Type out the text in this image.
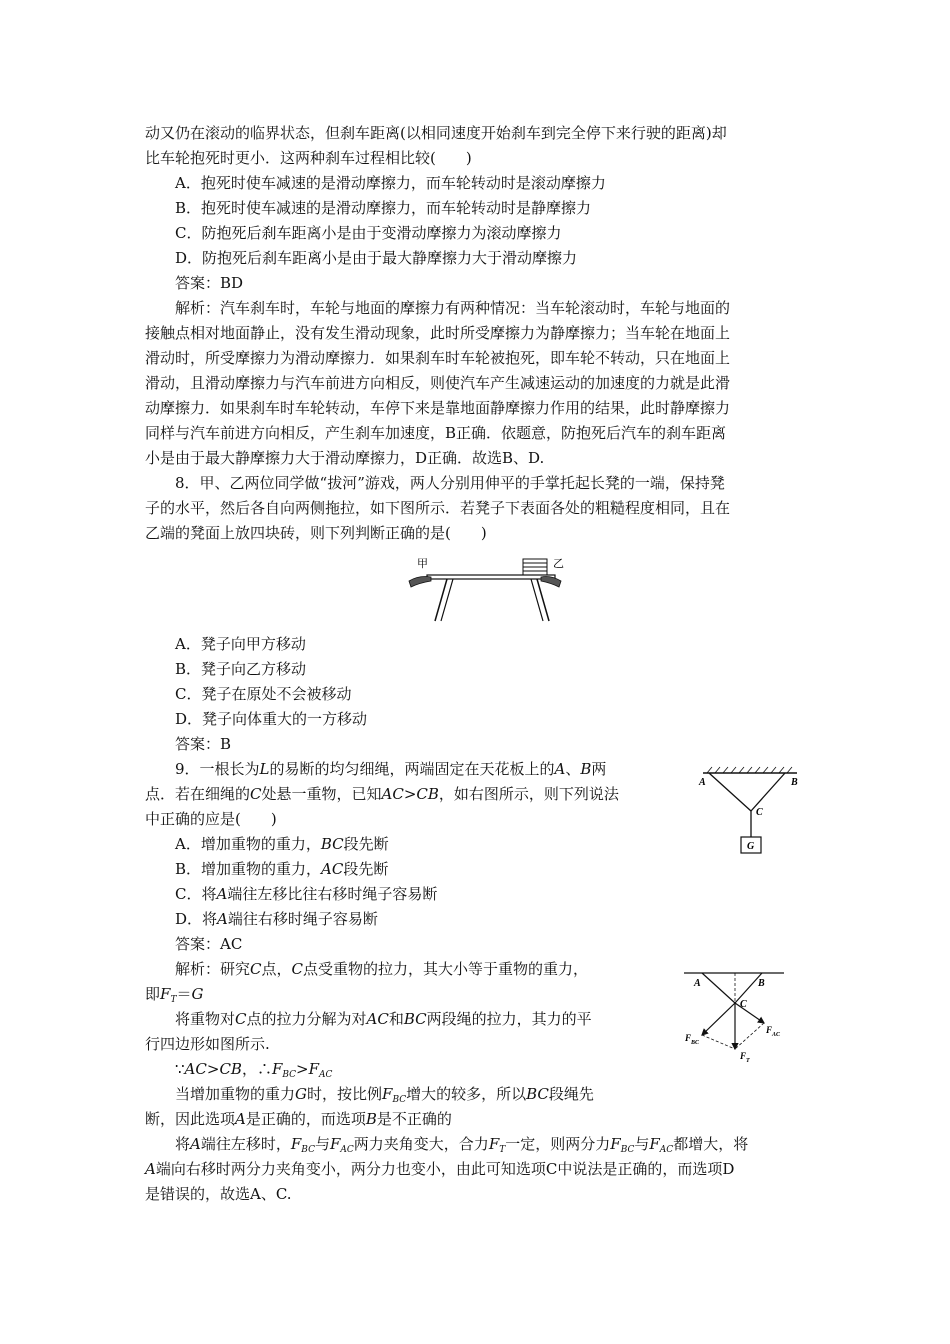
动又仍在滚动的临界状态，但刹车距离(以相同速度开始刹车到完全停下来行驶的距离)却
比车轮抱死时更小．这两种刹车过程相比较(　　)
A．抱死时使车减速的是滑动摩擦力，而车轮转动时是滚动摩擦力
B．抱死时使车减速的是滑动摩擦力，而车轮转动时是静摩擦力
C．防抱死后刹车距离小是由于变滑动摩擦力为滚动摩擦力
D．防抱死后刹车距离小是由于最大静摩擦力大于滑动摩擦力
答案：BD
解析：汽车刹车时，车轮与地面的摩擦力有两种情况：当车轮滚动时，车轮与地面的
接触点相对地面静止，没有发生滑动现象，此时所受摩擦力为静摩擦力；当车轮在地面上
滑动时，所受摩擦力为滑动摩擦力．如果刹车时车轮被抱死，即车轮不转动，只在地面上
滑动，且滑动摩擦力与汽车前进方向相反，则使汽车产生减速运动的加速度的力就是此滑
动摩擦力．如果刹车时车轮转动，车停下来是靠地面静摩擦力作用的结果，此时静摩擦力
同样与汽车前进方向相反，产生刹车加速度，B正确．依题意，防抱死后汽车的刹车距离
小是由于最大静摩擦力大于滑动摩擦力，D正确．故选B、D.
8．甲、乙两位同学做“拔河”游戏，两人分别用伸平的手掌托起长凳的一端，保持凳
子的水平，然后各自向两侧拖拉，如下图所示．若凳子下表面各处的粗糙程度相同，且在
乙端的凳面上放四块砖，则下列判断正确的是(　　)
甲	乙
A．凳子向甲方移动
B．凳子向乙方移动
C．凳子在原处不会被移动
D．凳子向体重大的一方移动
答案：B
9．一根长为L的易断的均匀细绳，两端固定在天花板上的A、B两
点．若在细绳的C处悬一重物，已知AC>CB，如右图所示，则下列说法
中正确的应是(　　)
A	B
C
G
A．增加重物的重力，BC段先断
B．增加重物的重力，AC段先断
C．将A端往左移比往右移时绳子容易断
D．将A端往右移时绳子容易断
答案：AC
解析：研究C点，C点受重物的拉力，其大小等于重物的重力，
即$F_T=G$
将重物对C点的拉力分解为对AC和BC两段绳的拉力，其力的平
行四边形如图所示.
∵AC>CB，$\therefore F_{BC}>F_{AC}$
当增加重物的重力G时，按比例$F_{BC}$增大的较多，所以BC段绳先
断，因此选项A是正确的，而选项B是不正确的
A	B
C
$F_{BC}$
$F_{AC}$
$F_T$
将A端往左移时，$F_{BC}$与$F_{AC}$两力夹角变大，合力$F_T$一定，则两分力$F_{BC}$与$F_{AC}$都增大，将
A端向右移时两分力夹角变小，两分力也变小，由此可知选项C中说法是正确的，而选项D
是错误的，故选A、C.
